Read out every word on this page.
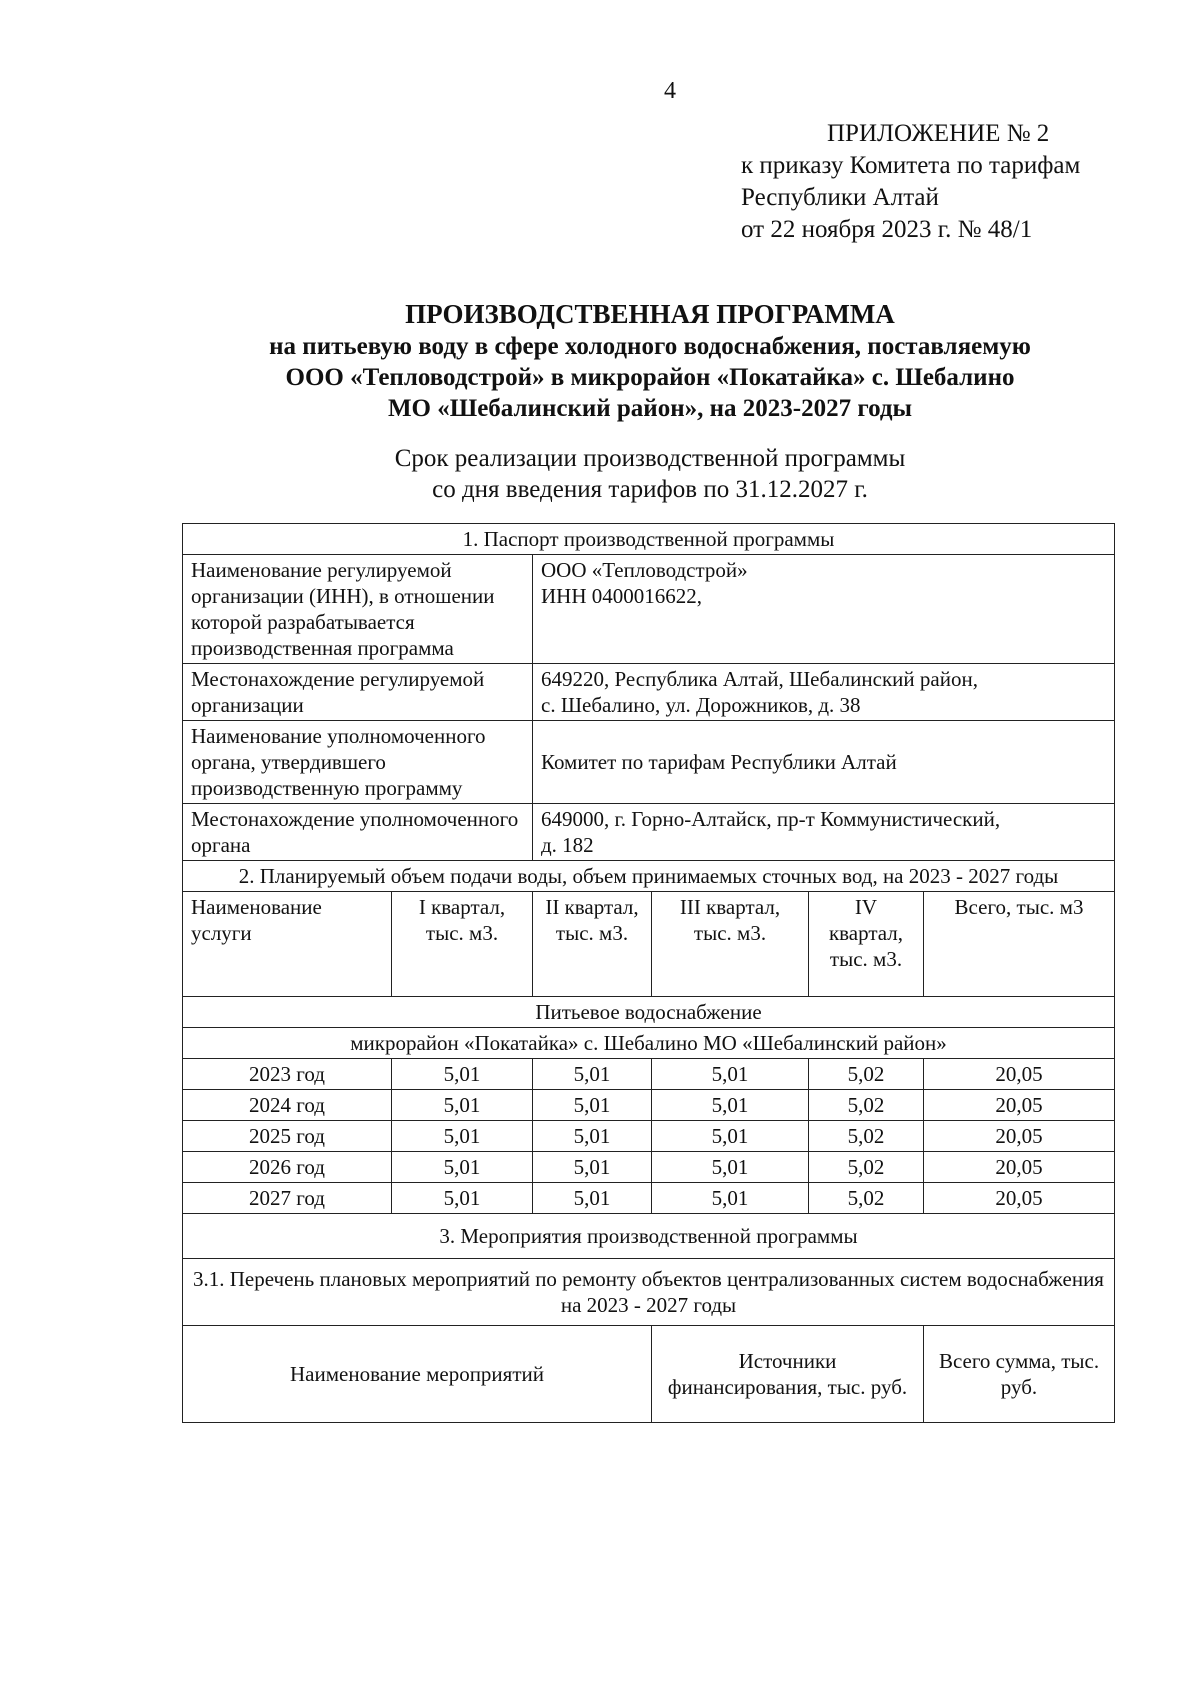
4
ПРИЛОЖЕНИЕ № 2
к приказу Комитета по тарифам
Республики Алтай
от 22 ноября 2023 г. № 48/1
ПРОИЗВОДСТВЕННАЯ ПРОГРАММА
на питьевую воду в сфере холодного водоснабжения, поставляемую
ООО «Тепловодстрой» в микрорайон «Покатайка» с. Шебалино
МО «Шебалинский район», на 2023-2027 годы
Срок реализации производственной программы
со дня введения тарифов по 31.12.2027 г.

1. Паспорт производственной программы					
Наименование регулируемой организации (ИНН), в отношении которой разрабатывается производственная программа		ООО «Тепловодстрой»
ИНН 0400016622,			

Местонахождение регулируемой организации		649220, Республика Алтай, Шебалинский район,
с. Шебалино, ул. Дорожников, д. 38			

Наименование уполномоченного органа, утвердившего производственную программу		Комитет по тарифам Республики Алтай			

Местонахождение уполномоченного органа		649000, г. Горно-Алтайск, пр-т Коммунистический,
д. 182			

2. Планируемый объем подачи воды, объем принимаемых сточных вод, на 2023 - 2027 годы					
Наименование услуги	I квартал, тыс. м3.	II квартал, тыс. м3.	III квартал, тыс. м3.	IV квартал, тыс. м3.	Всего, тыс. м3
Питьевое водоснабжение					
микрорайон «Покатайка» с. Шебалино МО «Шебалинский район»					
2023 год	5,01	5,01	5,01	5,02	20,05
2024 год	5,01	5,01	5,01	5,02	20,05
2025 год	5,01	5,01	5,01	5,02	20,05
2026 год	5,01	5,01	5,01	5,02	20,05
2027 год	5,01	5,01	5,01	5,02	20,05
3. Мероприятия производственной программы					
3.1. Перечень плановых мероприятий по ремонту объектов централизованных систем водоснабжения на 2023 - 2027 годы					
Наименование мероприятий			Источники финансирования, тыс. руб.		Всего сумма, тыс. руб.
